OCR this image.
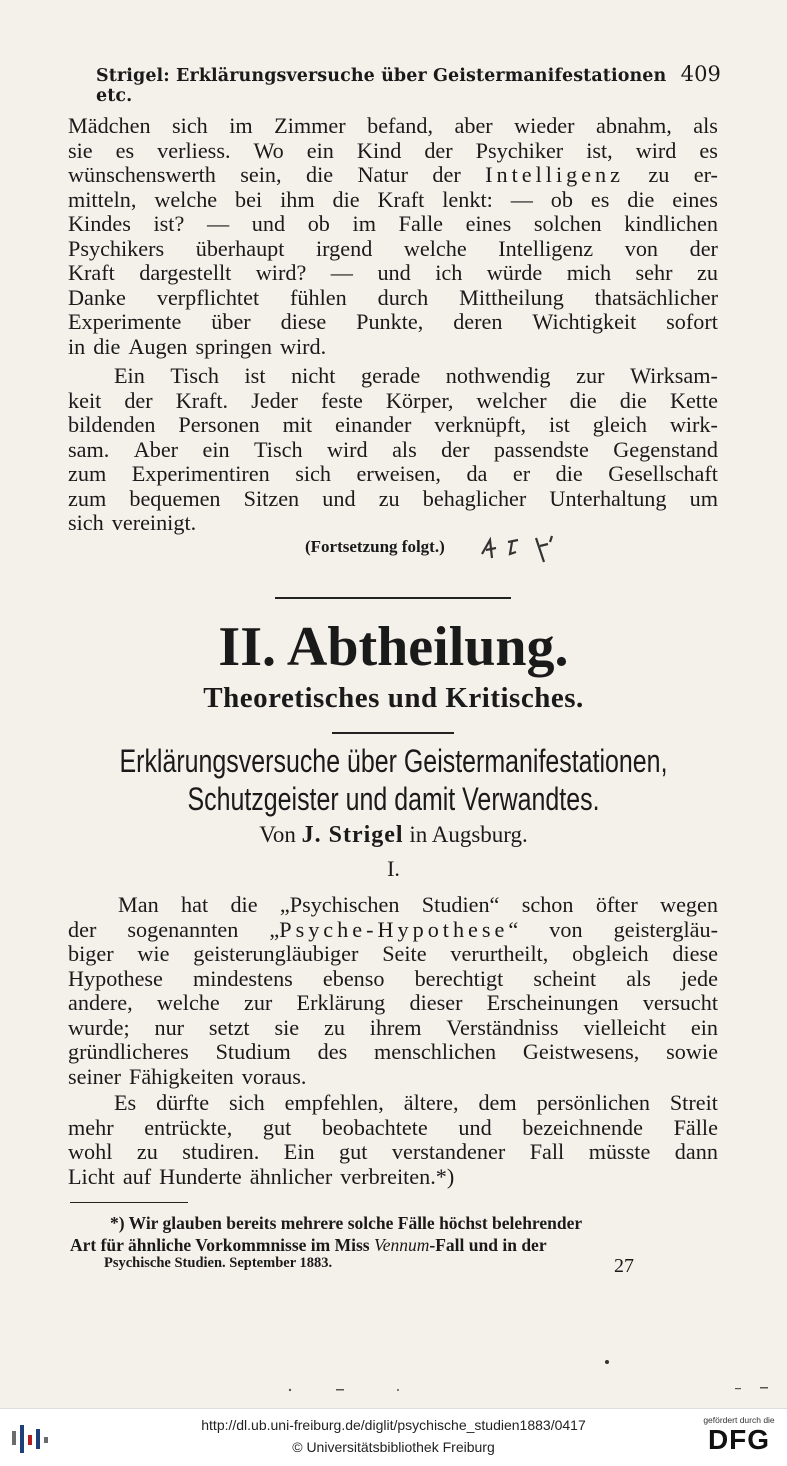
Strigel: Erklärungsversuche über Geistermanifestationen etc.
409
Mädchen sich im Zimmer befand, aber wieder abnahm, als
sie es verliess. Wo ein Kind der Psychiker ist, wird es
wünschenswerth sein, die Natur der Intelligenz zu er-
mitteln, welche bei ihm die Kraft lenkt: — ob es die eines
Kindes ist? — und ob im Falle eines solchen kindlichen
Psychikers überhaupt irgend welche Intelligenz von der
Kraft dargestellt wird? — und ich würde mich sehr zu
Danke verpflichtet fühlen durch Mittheilung thatsächlicher
Experimente über diese Punkte, deren Wichtigkeit sofort
in die Augen springen wird.
Ein Tisch ist nicht gerade nothwendig zur Wirksam-
keit der Kraft. Jeder feste Körper, welcher die die Kette
bildenden Personen mit einander verknüpft, ist gleich wirk-
sam. Aber ein Tisch wird als der passendste Gegenstand
zum Experimentiren sich erweisen, da er die Gesellschaft
zum bequemen Sitzen und zu behaglicher Unterhaltung um
sich vereinigt.
(Fortsetzung folgt.)
II. Abtheilung.
Theoretisches und Kritisches.
Erklärungsversuche über Geistermanifestationen,
Schutzgeister und damit Verwandtes.
Von J. Strigel in Augsburg.
I.
Man hat die „Psychischen Studien“ schon öfter wegen
der sogenannten „Psyche-Hypothese“ von geistergläu-
biger wie geisterungläubiger Seite verurtheilt, obgleich diese
Hypothese mindestens ebenso berechtigt scheint als jede
andere, welche zur Erklärung dieser Erscheinungen versucht
wurde; nur setzt sie zu ihrem Verständniss vielleicht ein
gründlicheres Studium des menschlichen Geistwesens, sowie
seiner Fähigkeiten voraus.
Es dürfte sich empfehlen, ältere, dem persönlichen Streit
mehr entrückte, gut beobachtete und bezeichnende Fälle
wohl zu studiren. Ein gut verstandener Fall müsste dann
Licht auf Hunderte ähnlicher verbreiten.*)
*) Wir glauben bereits mehrere solche Fälle höchst belehrender
Art für ähnliche Vorkommnisse im Miss Vennum-Fall und in der
Psychische Studien. September 1883.	27
http://dl.ub.uni-freiburg.de/diglit/psychische_studien1883/0417
© Universitätsbibliothek Freiburg
gefördert durch die
DFG
